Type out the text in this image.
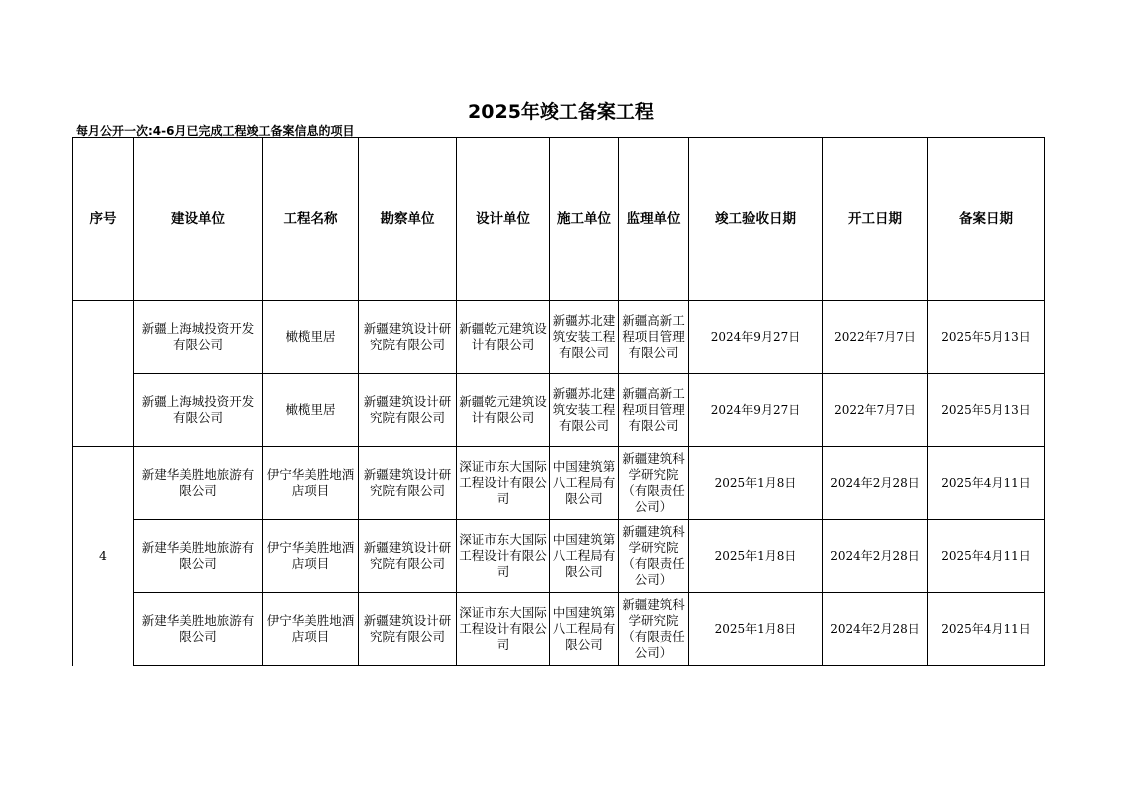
2025年竣工备案工程
每月公开一次:4-6月已完成工程竣工备案信息的项目
序号	建设单位	工程名称	勘察单位	设计单位	施工单位	监理单位	竣工验收日期	开工日期	备案日期

	新疆上海城投资开发有限公司	橄榄里居	新疆建筑设计研究院有限公司	新疆乾元建筑设计有限公司	新疆苏北建筑安装工程有限公司	新疆高新工程项目管理有限公司	2024年9月27日	2022年7月7日	2025年5月13日

	新疆上海城投资开发有限公司	橄榄里居	新疆建筑设计研究院有限公司	新疆乾元建筑设计有限公司	新疆苏北建筑安装工程有限公司	新疆高新工程项目管理有限公司	2024年9月27日	2022年7月7日	2025年5月13日
4	新建华美胜地旅游有限公司	伊宁华美胜地酒店项目	新疆建筑设计研究院有限公司	深证市东大国际工程设计有限公司	中国建筑第八工程局有限公司	新疆建筑科学研究院（有限责任公司）	2025年1月8日	2024年2月28日	2025年4月11日

	新建华美胜地旅游有限公司	伊宁华美胜地酒店项目	新疆建筑设计研究院有限公司	深证市东大国际工程设计有限公司	中国建筑第八工程局有限公司	新疆建筑科学研究院（有限责任公司）	2025年1月8日	2024年2月28日	2025年4月11日

	新建华美胜地旅游有限公司	伊宁华美胜地酒店项目	新疆建筑设计研究院有限公司	深证市东大国际工程设计有限公司	中国建筑第八工程局有限公司	新疆建筑科学研究院（有限责任公司）	2025年1月8日	2024年2月28日	2025年4月11日
